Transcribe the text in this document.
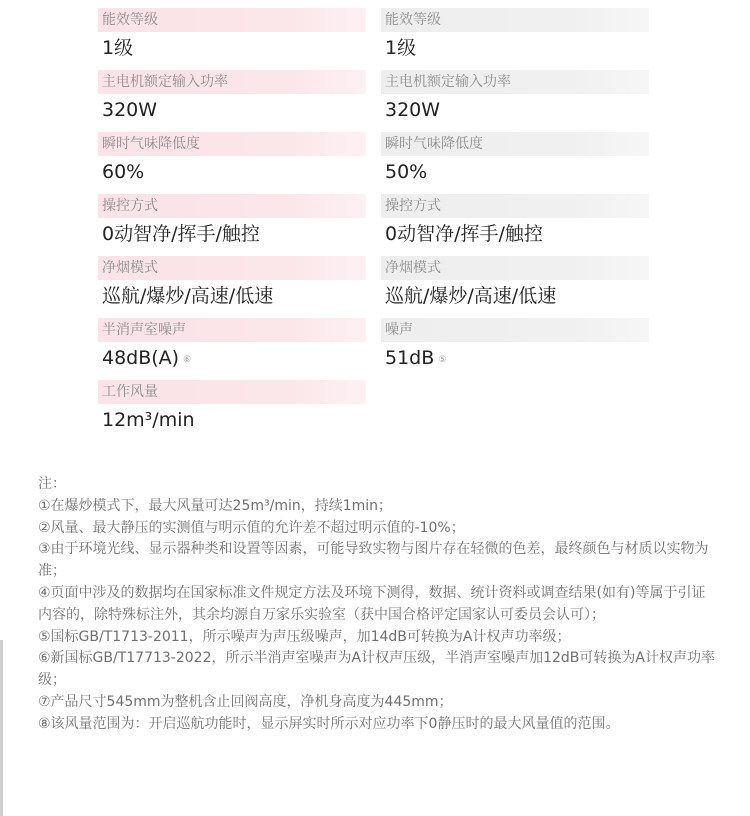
能效等级
1级
主电机额定输入功率
320W
瞬时气味降低度
60%
操控方式
0动智净/挥手/触控
净烟模式
巡航/爆炒/高速/低速
半消声室噪声
48dB(A) ⑥
工作风量
12m³/min
能效等级
1级
主电机额定输入功率
320W
瞬时气味降低度
50%
操控方式
0动智净/挥手/触控
净烟模式
巡航/爆炒/高速/低速
噪声
51dB ⑤
注：
①在爆炒模式下，最大风量可达25m³/min，持续1min；
②风量、最大静压的实测值与明示值的允许差不超过明示值的-10%；
③由于环境光线、显示器种类和设置等因素，可能导致实物与图片存在轻微的色差，最终颜色与材质以实物为准；
④页面中涉及的数据均在国家标准文件规定方法及环境下测得，数据、统计资料或调查结果(如有)等属于引证内容的，除特殊标注外，其余均源自万家乐实验室（获中国合格评定国家认可委员会认可）；
⑤国标GB/T1713-2011，所示噪声为声压级噪声，加14dB可转换为A计权声功率级；
⑥新国标GB/T17713-2022，所示半消声室噪声为A计权声压级，半消声室噪声加12dB可转换为A计权声功率级；
⑦产品尺寸545mm为整机含止回阀高度，净机身高度为445mm；
⑧该风量范围为：开启巡航功能时，显示屏实时所示对应功率下0静压时的最大风量值的范围。
